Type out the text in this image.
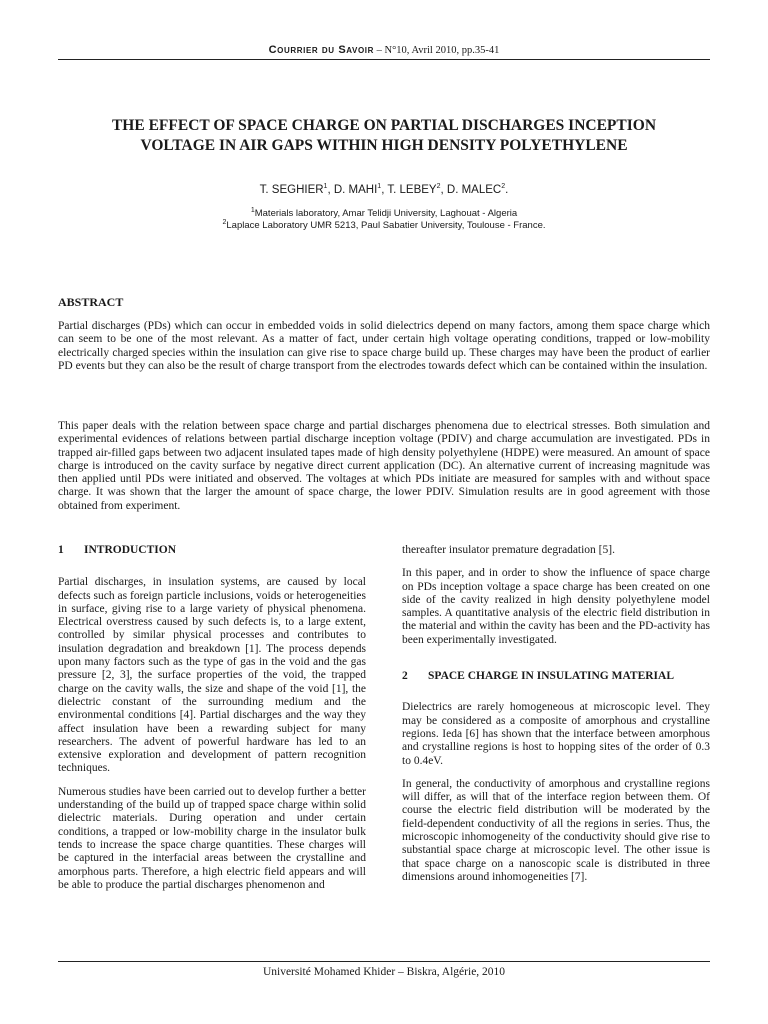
Courrier du Savoir – N°10, Avril 2010, pp.35-41
THE EFFECT OF SPACE CHARGE ON PARTIAL DISCHARGES INCEPTION
VOLTAGE IN AIR GAPS WITHIN HIGH DENSITY POLYETHYLENE
T. SEGHIER$^1$, D. MAHI$^1$, T. LEBEY$^2$, D. MALEC$^2$.
$^1$Materials laboratory, Amar Telidji University, Laghouat - Algeria
$^2$Laplace Laboratory UMR 5213, Paul Sabatier University, Toulouse - France.
ABSTRACT

Partial discharges (PDs) which can occur in embedded voids in solid dielectrics depend on many factors, among them space charge which can seem to be one of the most relevant. As a matter of fact, under certain high voltage operating conditions, trapped or low-mobility electrically charged species within the insulation can give rise to space charge build up. These charges may have been the product of earlier PD events but they can also be the result of charge transport from the electrodes towards defect which can be contained within the insulation.

This paper deals with the relation between space charge and partial discharges phenomena due to electrical stresses. Both simulation and experimental evidences of relations between partial discharge inception voltage (PDIV) and charge accumulation are investigated. PDs in trapped air-filled gaps between two adjacent insulated tapes made of high density polyethylene (HDPE) were measured. An amount of space charge is introduced on the cavity surface by negative direct current application (DC). An alternative current of increasing magnitude was then applied until PDs were initiated and observed. The voltages at which PDs initiate are measured for samples with and without space charge. It was shown that the larger the amount of space charge, the lower PDIV. Simulation results are in good agreement with those obtained from experiment.

1	INTRODUCTION

Partial discharges, in insulation systems, are caused by local defects such as foreign particle inclusions, voids or heterogeneities in surface, giving rise to a large variety of physical phenomena. Electrical overstress caused by such defects is, to a large extent, controlled by similar physical processes and contributes to insulation degradation and breakdown [1]. The process depends upon many factors such as the type of gas in the void and the gas pressure [2, 3], the surface properties of the void, the trapped charge on the cavity walls, the size and shape of the void [1], the dielectric constant of the surrounding medium and the environmental conditions [4]. Partial discharges and the way they affect insulation have been a rewarding subject for many researchers. The advent of powerful hardware has led to an extensive exploration and development of pattern recognition techniques.

Numerous studies have been carried out to develop further a better understanding of the build up of trapped space charge within solid dielectric materials. During operation and under certain conditions, a trapped or low-mobility charge in the insulator bulk tends to increase the space charge quantities. These charges will be captured in the interfacial areas between the crystalline and amorphous parts. Therefore, a high electric field appears and will be able to produce the partial discharges phenomenon and

thereafter insulator premature degradation [5].

In this paper, and in order to show the influence of space charge on PDs inception voltage a space charge has been created on one side of the cavity realized in high density polyethylene model samples. A quantitative analysis of the electric field distribution in the material and within the cavity has been and the PD-activity has been experimentally investigated.

2	SPACE CHARGE IN INSULATING MATERIAL

Dielectrics are rarely homogeneous at microscopic level. They may be considered as a composite of amorphous and crystalline regions. Ieda [6] has shown that the interface between amorphous and crystalline regions is host to hopping sites of the order of 0.3 to 0.4eV.

In general, the conductivity of amorphous and crystalline regions will differ, as will that of the interface region between them. Of course the electric field distribution will be moderated by the field-dependent conductivity of all the regions in series. Thus, the microscopic inhomogeneity of the conductivity should give rise to substantial space charge at microscopic level. The other issue is that space charge on a nanoscopic scale is distributed in three dimensions around inhomogeneities [7].

Université Mohamed Khider – Biskra, Algérie, 2010
